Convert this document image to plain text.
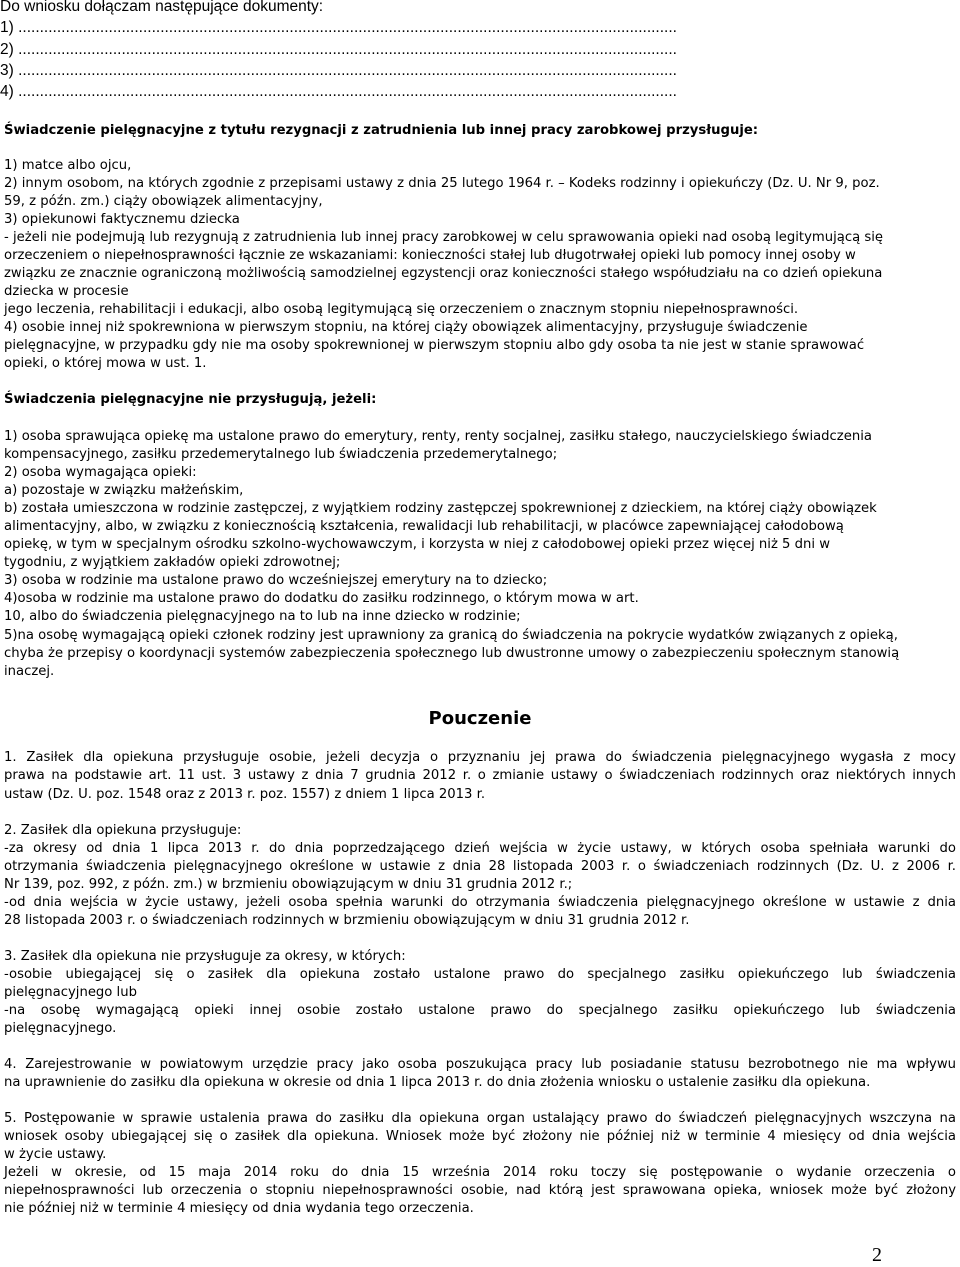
Do wniosku dołączam następujące dokumenty:
1) .........................................................................................................................................................
2) .........................................................................................................................................................
3) .........................................................................................................................................................
4) .........................................................................................................................................................
Świadczenie pielęgnacyjne z tytułu rezygnacji z zatrudnienia lub innej pracy zarobkowej przysługuje:
1) matce albo ojcu,
2) innym osobom, na których zgodnie z przepisami ustawy z dnia 25 lutego 1964 r. – Kodeks rodzinny i opiekuńczy (Dz. U. Nr 9, poz.
59, z późn. zm.) ciąży obowiązek alimentacyjny,
3) opiekunowi faktycznemu dziecka
- jeżeli nie podejmują lub rezygnują z zatrudnienia lub innej pracy zarobkowej w celu sprawowania opieki nad osobą legitymującą się
orzeczeniem o niepełnosprawności łącznie ze wskazaniami: konieczności stałej lub długotrwałej opieki lub pomocy innej osoby w
związku ze znacznie ograniczoną możliwością samodzielnej egzystencji oraz konieczności stałego współudziału na co dzień opiekuna
dziecka w procesie
jego leczenia, rehabilitacji i edukacji, albo osobą legitymującą się orzeczeniem o znacznym stopniu niepełnosprawności.
4) osobie innej niż spokrewniona w pierwszym stopniu, na której ciąży obowiązek alimentacyjny, przysługuje świadczenie
pielęgnacyjne, w przypadku gdy nie ma osoby spokrewnionej w pierwszym stopniu albo gdy osoba ta nie jest w stanie sprawować
opieki, o której mowa w ust. 1.
Świadczenia pielęgnacyjne nie przysługują, jeżeli:
1) osoba sprawująca opiekę ma ustalone prawo do emerytury, renty, renty socjalnej, zasiłku stałego, nauczycielskiego świadczenia
kompensacyjnego, zasiłku przedemerytalnego lub świadczenia przedemerytalnego;
2) osoba wymagająca opieki:
a) pozostaje w związku małżeńskim,
b) została umieszczona w rodzinie zastępczej, z wyjątkiem rodziny zastępczej spokrewnionej z dzieckiem, na której ciąży obowiązek
alimentacyjny, albo, w związku z koniecznością kształcenia, rewalidacji lub rehabilitacji, w placówce zapewniającej całodobową
opiekę, w tym w specjalnym ośrodku szkolno-wychowawczym, i korzysta w niej z całodobowej opieki przez więcej niż 5 dni w
tygodniu, z wyjątkiem zakładów opieki zdrowotnej;
3) osoba w rodzinie ma ustalone prawo do wcześniejszej emerytury na to dziecko;
4)osoba w rodzinie ma ustalone prawo do dodatku do zasiłku rodzinnego, o którym mowa w art.
10, albo do świadczenia pielęgnacyjnego na to lub na inne dziecko w rodzinie;
5)na osobę wymagającą opieki członek rodziny jest uprawniony za granicą do świadczenia na pokrycie wydatków związanych z opieką,
chyba że przepisy o koordynacji systemów zabezpieczenia społecznego lub dwustronne umowy o zabezpieczeniu społecznym stanowią
inaczej.
Pouczenie
1. Zasiłek dla opiekuna przysługuje osobie, jeżeli decyzja o przyznaniu jej prawa do świadczenia pielęgnacyjnego wygasła z mocy
prawa na podstawie art. 11 ust. 3 ustawy z dnia 7 grudnia 2012 r. o zmianie ustawy o świadczeniach rodzinnych oraz niektórych innych
ustaw (Dz. U. poz. 1548 oraz z 2013 r. poz. 1557) z dniem 1 lipca 2013 r.
2. Zasiłek dla opiekuna przysługuje:
-za okresy od dnia 1 lipca 2013 r. do dnia poprzedzającego dzień wejścia w życie ustawy, w których osoba spełniała warunki do
otrzymania świadczenia pielęgnacyjnego określone w ustawie z dnia 28 listopada 2003 r. o świadczeniach rodzinnych (Dz. U. z 2006 r.
Nr 139, poz. 992, z późn. zm.) w brzmieniu obowiązującym w dniu 31 grudnia 2012 r.;
-od dnia wejścia w życie ustawy, jeżeli osoba spełnia warunki do otrzymania świadczenia pielęgnacyjnego określone w ustawie z dnia
28 listopada 2003 r. o świadczeniach rodzinnych w brzmieniu obowiązującym w dniu 31 grudnia 2012 r.
3. Zasiłek dla opiekuna nie przysługuje za okresy, w których:
-osobie ubiegającej się o zasiłek dla opiekuna zostało ustalone prawo do specjalnego zasiłku opiekuńczego lub świadczenia
pielęgnacyjnego lub
-na osobę wymagającą opieki innej osobie zostało ustalone prawo do specjalnego zasiłku opiekuńczego lub świadczenia
pielęgnacyjnego.
4. Zarejestrowanie w powiatowym urzędzie pracy jako osoba poszukująca pracy lub posiadanie statusu bezrobotnego nie ma wpływu
na uprawnienie do zasiłku dla opiekuna w okresie od dnia 1 lipca 2013 r. do dnia złożenia wniosku o ustalenie zasiłku dla opiekuna.
5. Postępowanie w sprawie ustalenia prawa do zasiłku dla opiekuna organ ustalający prawo do świadczeń pielęgnacyjnych wszczyna na
wniosek osoby ubiegającej się o zasiłek dla opiekuna. Wniosek może być złożony nie później niż w terminie 4 miesięcy od dnia wejścia
w życie ustawy.
Jeżeli w okresie, od 15 maja 2014 roku do dnia 15 września 2014 roku toczy się postępowanie o wydanie orzeczenia o
niepełnosprawności lub orzeczenia o stopniu niepełnosprawności osobie, nad którą jest sprawowana opieka, wniosek może być złożony
nie później niż w terminie 4 miesięcy od dnia wydania tego orzeczenia.
2
